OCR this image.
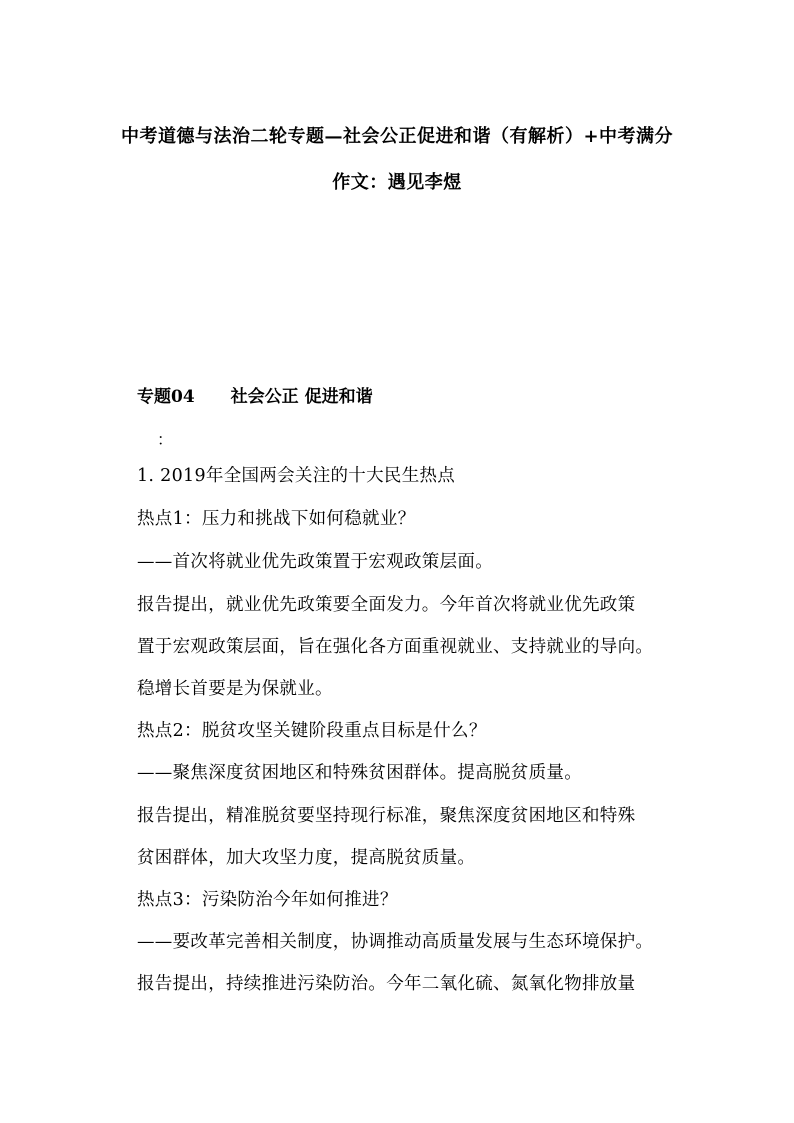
中考道德与法治二轮专题—社会公正促进和谐（有解析）+中考满分
作文：遇见李煜
专题04 社会公正 促进和谐
：
1. 2019年全国两会关注的十大民生热点
热点1：压力和挑战下如何稳就业？
——首次将就业优先政策置于宏观政策层面。
报告提出，就业优先政策要全面发力。今年首次将就业优先政策
置于宏观政策层面，旨在强化各方面重视就业、支持就业的导向。
稳增长首要是为保就业。
热点2：脱贫攻坚关键阶段重点目标是什么？
——聚焦深度贫困地区和特殊贫困群体。提高脱贫质量。
报告提出，精准脱贫要坚持现行标准，聚焦深度贫困地区和特殊
贫困群体，加大攻坚力度，提高脱贫质量。
热点3：污染防治今年如何推进？
——要改革完善相关制度，协调推动高质量发展与生态环境保护。
报告提出，持续推进污染防治。今年二氧化硫、氮氧化物排放量
